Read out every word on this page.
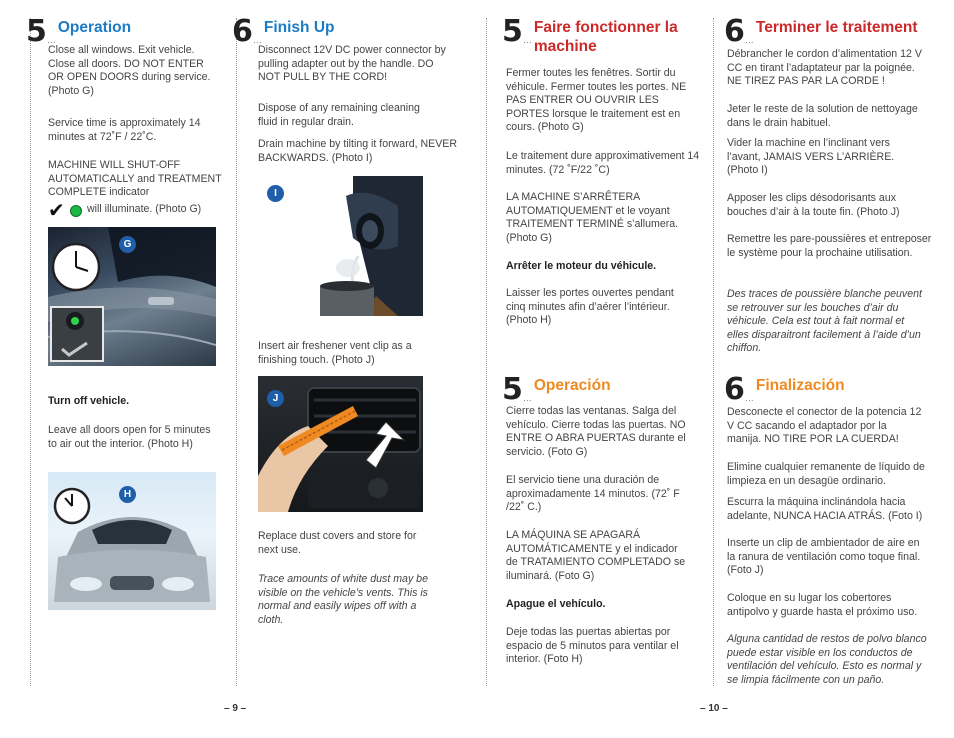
5 …
Operation
Close all windows. Exit vehicle. Close all doors. DO NOT ENTER OR OPEN DOORS during service. (Photo G)
Service time is approximately 14 minutes at 72˚F / 22˚C.
MACHINE WILL SHUT-OFF AUTOMATICALLY and TREATMENT COMPLETE indicator
✔ will illuminate. (Photo G)
G
Turn off vehicle.
Leave all doors open for 5 minutes to air out the interior. (Photo H)
H
6 …
Finish Up
Disconnect 12V DC power connector by pulling adapter out by the handle. DO NOT PULL BY THE CORD!
Dispose of any remaining cleaning fluid in regular drain.
Drain machine by tilting it forward, NEVER BACKWARDS. (Photo I)
I
Insert air freshener vent clip as a finishing touch. (Photo J)
J
Replace dust covers and store for next use.
Trace amounts of white dust may be visible on the vehicle’s vents. This is normal and easily wipes off with a cloth.
– 9 –
5 …
Faire fonctionner la machine
Fermer toutes les fenêtres. Sortir du véhicule. Fermer toutes les portes. NE PAS ENTRER OU OUVRIR LES PORTES lorsque le traitement est en cours. (Photo G)
Le traitement dure approximativement 14 minutes. (72 ˚F/22 ˚C)
LA MACHINE S’ARRÊTERA AUTOMATIQUEMENT et le voyant TRAITEMENT TERMINÉ s’allumera. (Photo G)
Arrêter le moteur du véhicule.
Laisser les portes ouvertes pendant cinq minutes afin d’aérer l’intérieur. (Photo H)
6 …
Terminer le traitement
Débrancher le cordon d’alimentation 12 V CC en tirant l’adaptateur par la poignée. NE TIREZ PAS PAR LA CORDE !
Jeter le reste de la solution de nettoyage dans le drain habituel.
Vider la machine en l’inclinant vers l’avant, JAMAIS VERS L’ARRIÈRE. (Photo I)
Apposer les clips désodorisants aux bouches d’air à la toute fin. (Photo J)
Remettre les pare-poussières et entreposer le système pour la prochaine utilisation.
Des traces de poussière blanche peuvent se retrouver sur les bouches d’air du véhicule. Cela est tout à fait normal et elles disparaitront facilement à l’aide d’un chiffon.
5 …
Operación
Cierre todas las ventanas. Salga del vehículo. Cierre todas las puertas. NO ENTRE O ABRA PUERTAS durante el servicio. (Foto G)
El servicio tiene una duración de aproximadamente 14 minutos. (72˚ F /22˚ C.)
LA MÁQUINA SE APAGARÁ AUTOMÁTICAMENTE y el indicador de TRATAMIENTO COMPLETADO se iluminará. (Foto G)
Apague el vehículo.
Deje todas las puertas abiertas por espacio de 5 minutos para ventilar el interior. (Foto H)
6 …
Finalización
Desconecte el conector de la potencia 12 V CC sacando el adaptador por la manija. NO TIRE POR LA CUERDA!
Elimine cualquier remanente de líquido de limpieza en un desagüe ordinario.
Escurra la máquina inclinándola hacia adelante, NUNCA HACIA ATRÁS. (Foto I)
Inserte un clip de ambientador de aire en la ranura de ventilación como toque final. (Foto J)
Coloque en su lugar los cobertores antipolvo y guarde hasta el próximo uso.
Alguna cantidad de restos de polvo blanco puede estar visible en los conductos de ventilación del vehículo. Esto es normal y se limpia fácilmente con un paño.
– 10 –
